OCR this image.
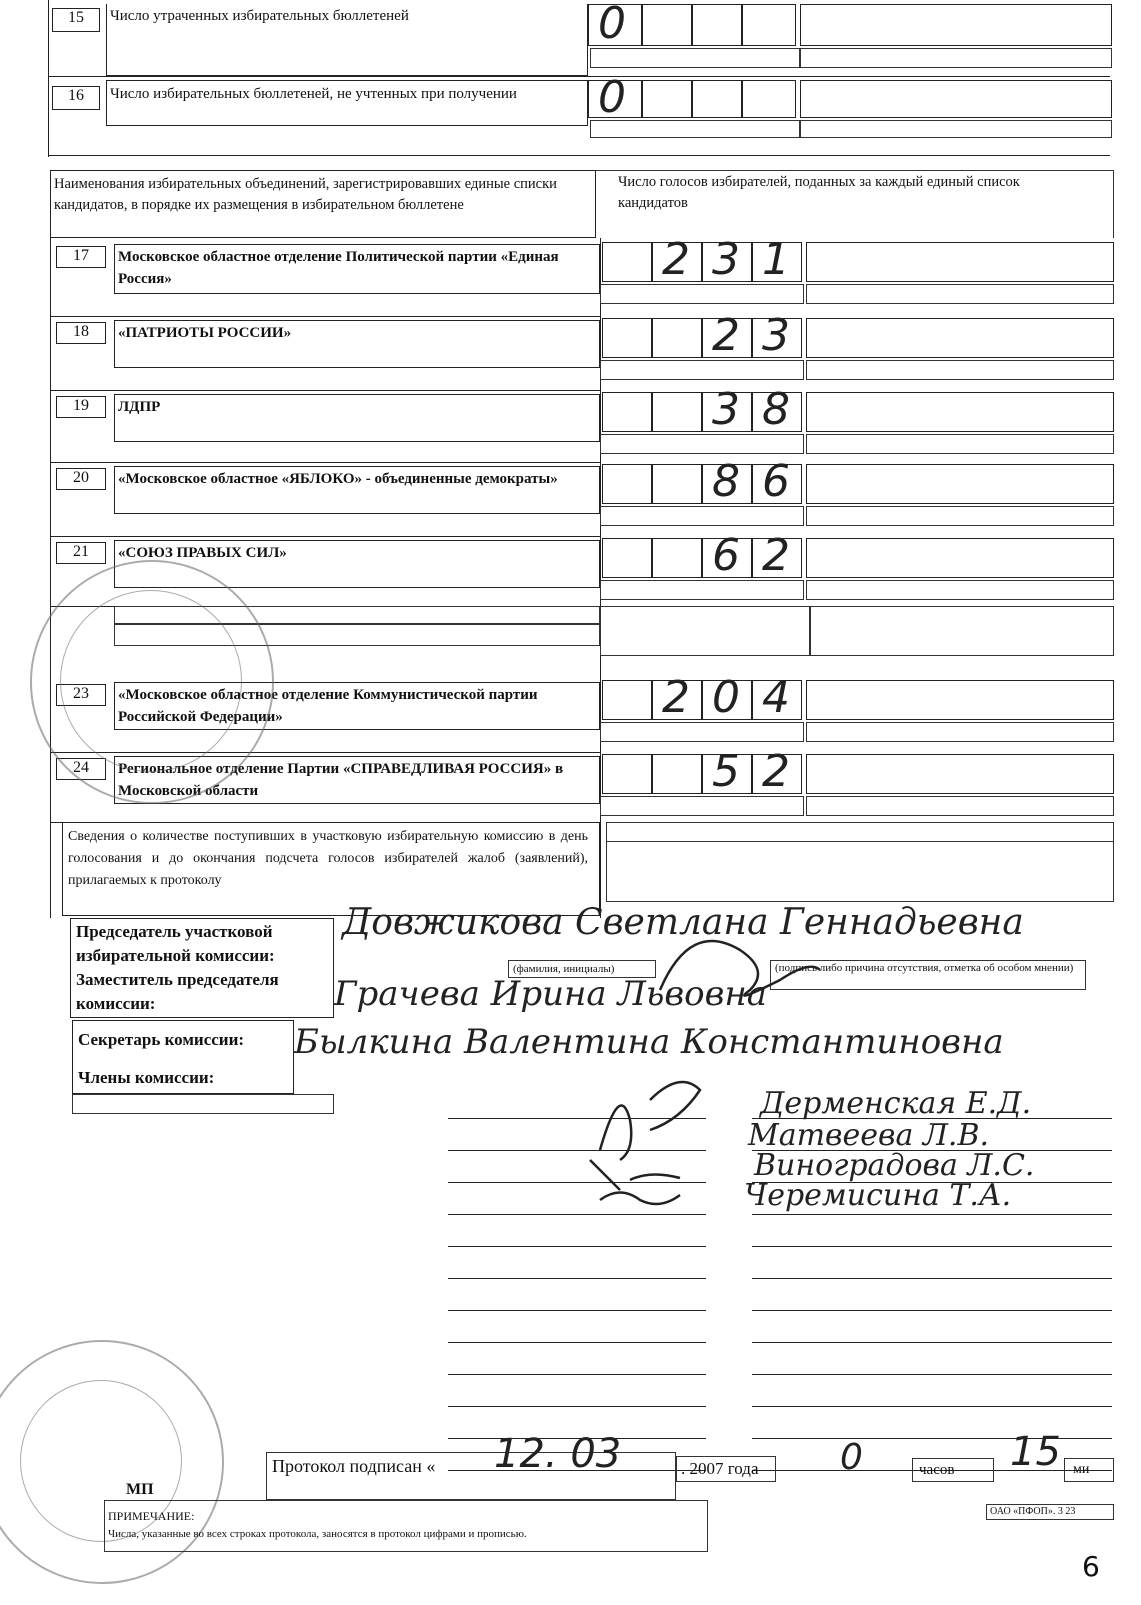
15	Число утраченных избирательных бюллетеней	0
16	Число избирательных бюллетеней, не учтенных при получении	0
Наименования избирательных объединений, зарегистрировавших единые списки кандидатов, в порядке их размещения в избирательном бюллетене
Число голосов избирателей, поданных за каждый единый список кандидатов
17	Московское областное отделение Политической партии «Единая Россия»	2 3 1
18	«ПАТРИОТЫ РОССИИ»	2 3
19	ЛДПР	3 8
20	«Московское областное «ЯБЛОКО» - объединенные демократы»	8 6
21	«СОЮЗ ПРАВЫХ СИЛ»	6 2
23	«Московское областное отделение Коммунистической партии Российской Федерации»	2 0 4
24	Региональное отделение Партии «СПРАВЕДЛИВАЯ РОССИЯ» в Московской области	5 2
Сведения о количестве поступивших в участковую избирательную комиссию в день голосования и до окончания подсчета голосов избирателей жалоб (заявлений), прилагаемых к протоколу
Председатель участковой избирательной комиссии:
Заместитель председателя комиссии:
Секретарь комиссии:
Члены комиссии:
(фамилия, инициалы)	(подпись либо причина отсутствия, отметка об особом мнении)
Довжикова Светлана Геннадьевна
Грачева Ирина Львовна
Былкина Валентина Константиновна
Дерменская Е.Д.
Матвеева Л.В.
Виноградова Л.С.
Черемисина Т.А.
Протокол подписан « 12. 03	. 2007 года	0	часов	15 ми
МП
ПРИМЕЧАНИЕ:
Числа, указанные во всех строках протокола, заносятся в протокол цифрами и прописью.
ОАО «ПФОП». 3 23
6
